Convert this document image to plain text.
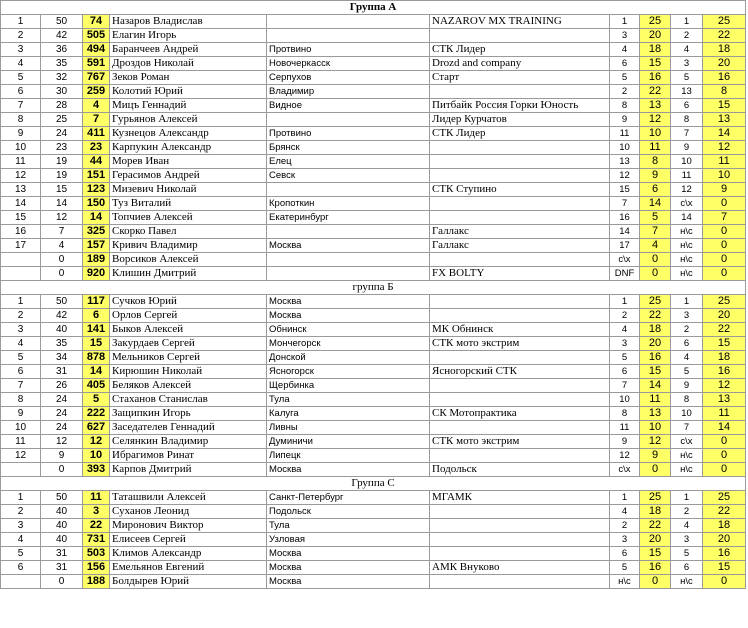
Группа А									
1	50	74	Назаров Владислав		NAZAROV MX TRAINING	1	25	1	25
2	42	505	Елагин Игорь			3	20	2	22
3	36	494	Баранчеев Андрей	Протвино	СТК Лидер	4	18	4	18
4	35	591	Дроздов Николай	Новочеркасск	Drozd and company	6	15	3	20
5	32	767	Зеков Роман	Серпухов	Старт	5	16	5	16
6	30	259	Колотий Юрий	Владимир		2	22	13	8
7	28	4	Мицъ Геннадий	Видное	Питбайк Россия Горки Юность	8	13	6	15
8	25	7	Гурьянов Алексей		Лидер Курчатов	9	12	8	13
9	24	411	Кузнецов Александр	Протвино	СТК Лидер	11	10	7	14
10	23	23	Карпукин Александр	Брянск		10	11	9	12
11	19	44	Морев Иван	Елец		13	8	10	11
12	19	151	Герасимов Андрей	Севск		12	9	11	10
13	15	123	Мизевич Николай		СТК Ступино	15	6	12	9
14	14	150	Туз Виталий	Кропоткин		7	14	с\х	0
15	12	14	Топчиев Алексей	Екатеринбург		16	5	14	7
16	7	325	Скорко Павел		Галлакс	14	7	н\с	0
17	4	157	Кривич Владимир	Москва	Галлакс	17	4	н\с	0
	0	189	Ворсиков Алексей			с\х	0	н\с	0
	0	920	Клишин Дмитрий		FX BOLTY	DNF	0	н\с	0
группа Б									
1	50	117	Сучков Юрий	Москва		1	25	1	25
2	42	6	Орлов Сергей	Москва		2	22	3	20
3	40	141	Быков Алексей	Обнинск	МК Обнинск	4	18	2	22
4	35	15	Закурдаев Сергей	Мончегорск	СТК мото экстрим	3	20	6	15
5	34	878	Мельников Сергей	Донской		5	16	4	18
6	31	14	Кирюшин Николай	Ясногорск	Ясногорский СТК	6	15	5	16
7	26	405	Беляков Алексей	Щербинка		7	14	9	12
8	24	5	Стаханов Станислав	Тула		10	11	8	13
9	24	222	Защипкин Игорь	Калуга	СК Мотопрактика	8	13	10	11
10	24	627	Заседателев Геннадий	Ливны		11	10	7	14
11	12	12	Селянкин Владимир	Думиничи	СТК мото экстрим	9	12	с\х	0
12	9	10	Ибрагимов Ринат	Липецк		12	9	н\с	0
	0	393	Карпов Дмитрий	Москва	Подольск	с\х	0	н\с	0
Группа С									
1	50	11	Таташвили Алексей	Санкт-Петербург	МГАМК	1	25	1	25
2	40	3	Суханов Леонид	Подольск		4	18	2	22
3	40	22	Миронович Виктор	Тула		2	22	4	18
4	40	731	Елисеев Сергей	Узловая		3	20	3	20
5	31	503	Климов Александр	Москва		6	15	5	16
6	31	156	Емельянов Евгений	Москва	АМК Внуково	5	16	6	15
	0	188	Болдырев Юрий	Москва		н\с	0	н\с	0
